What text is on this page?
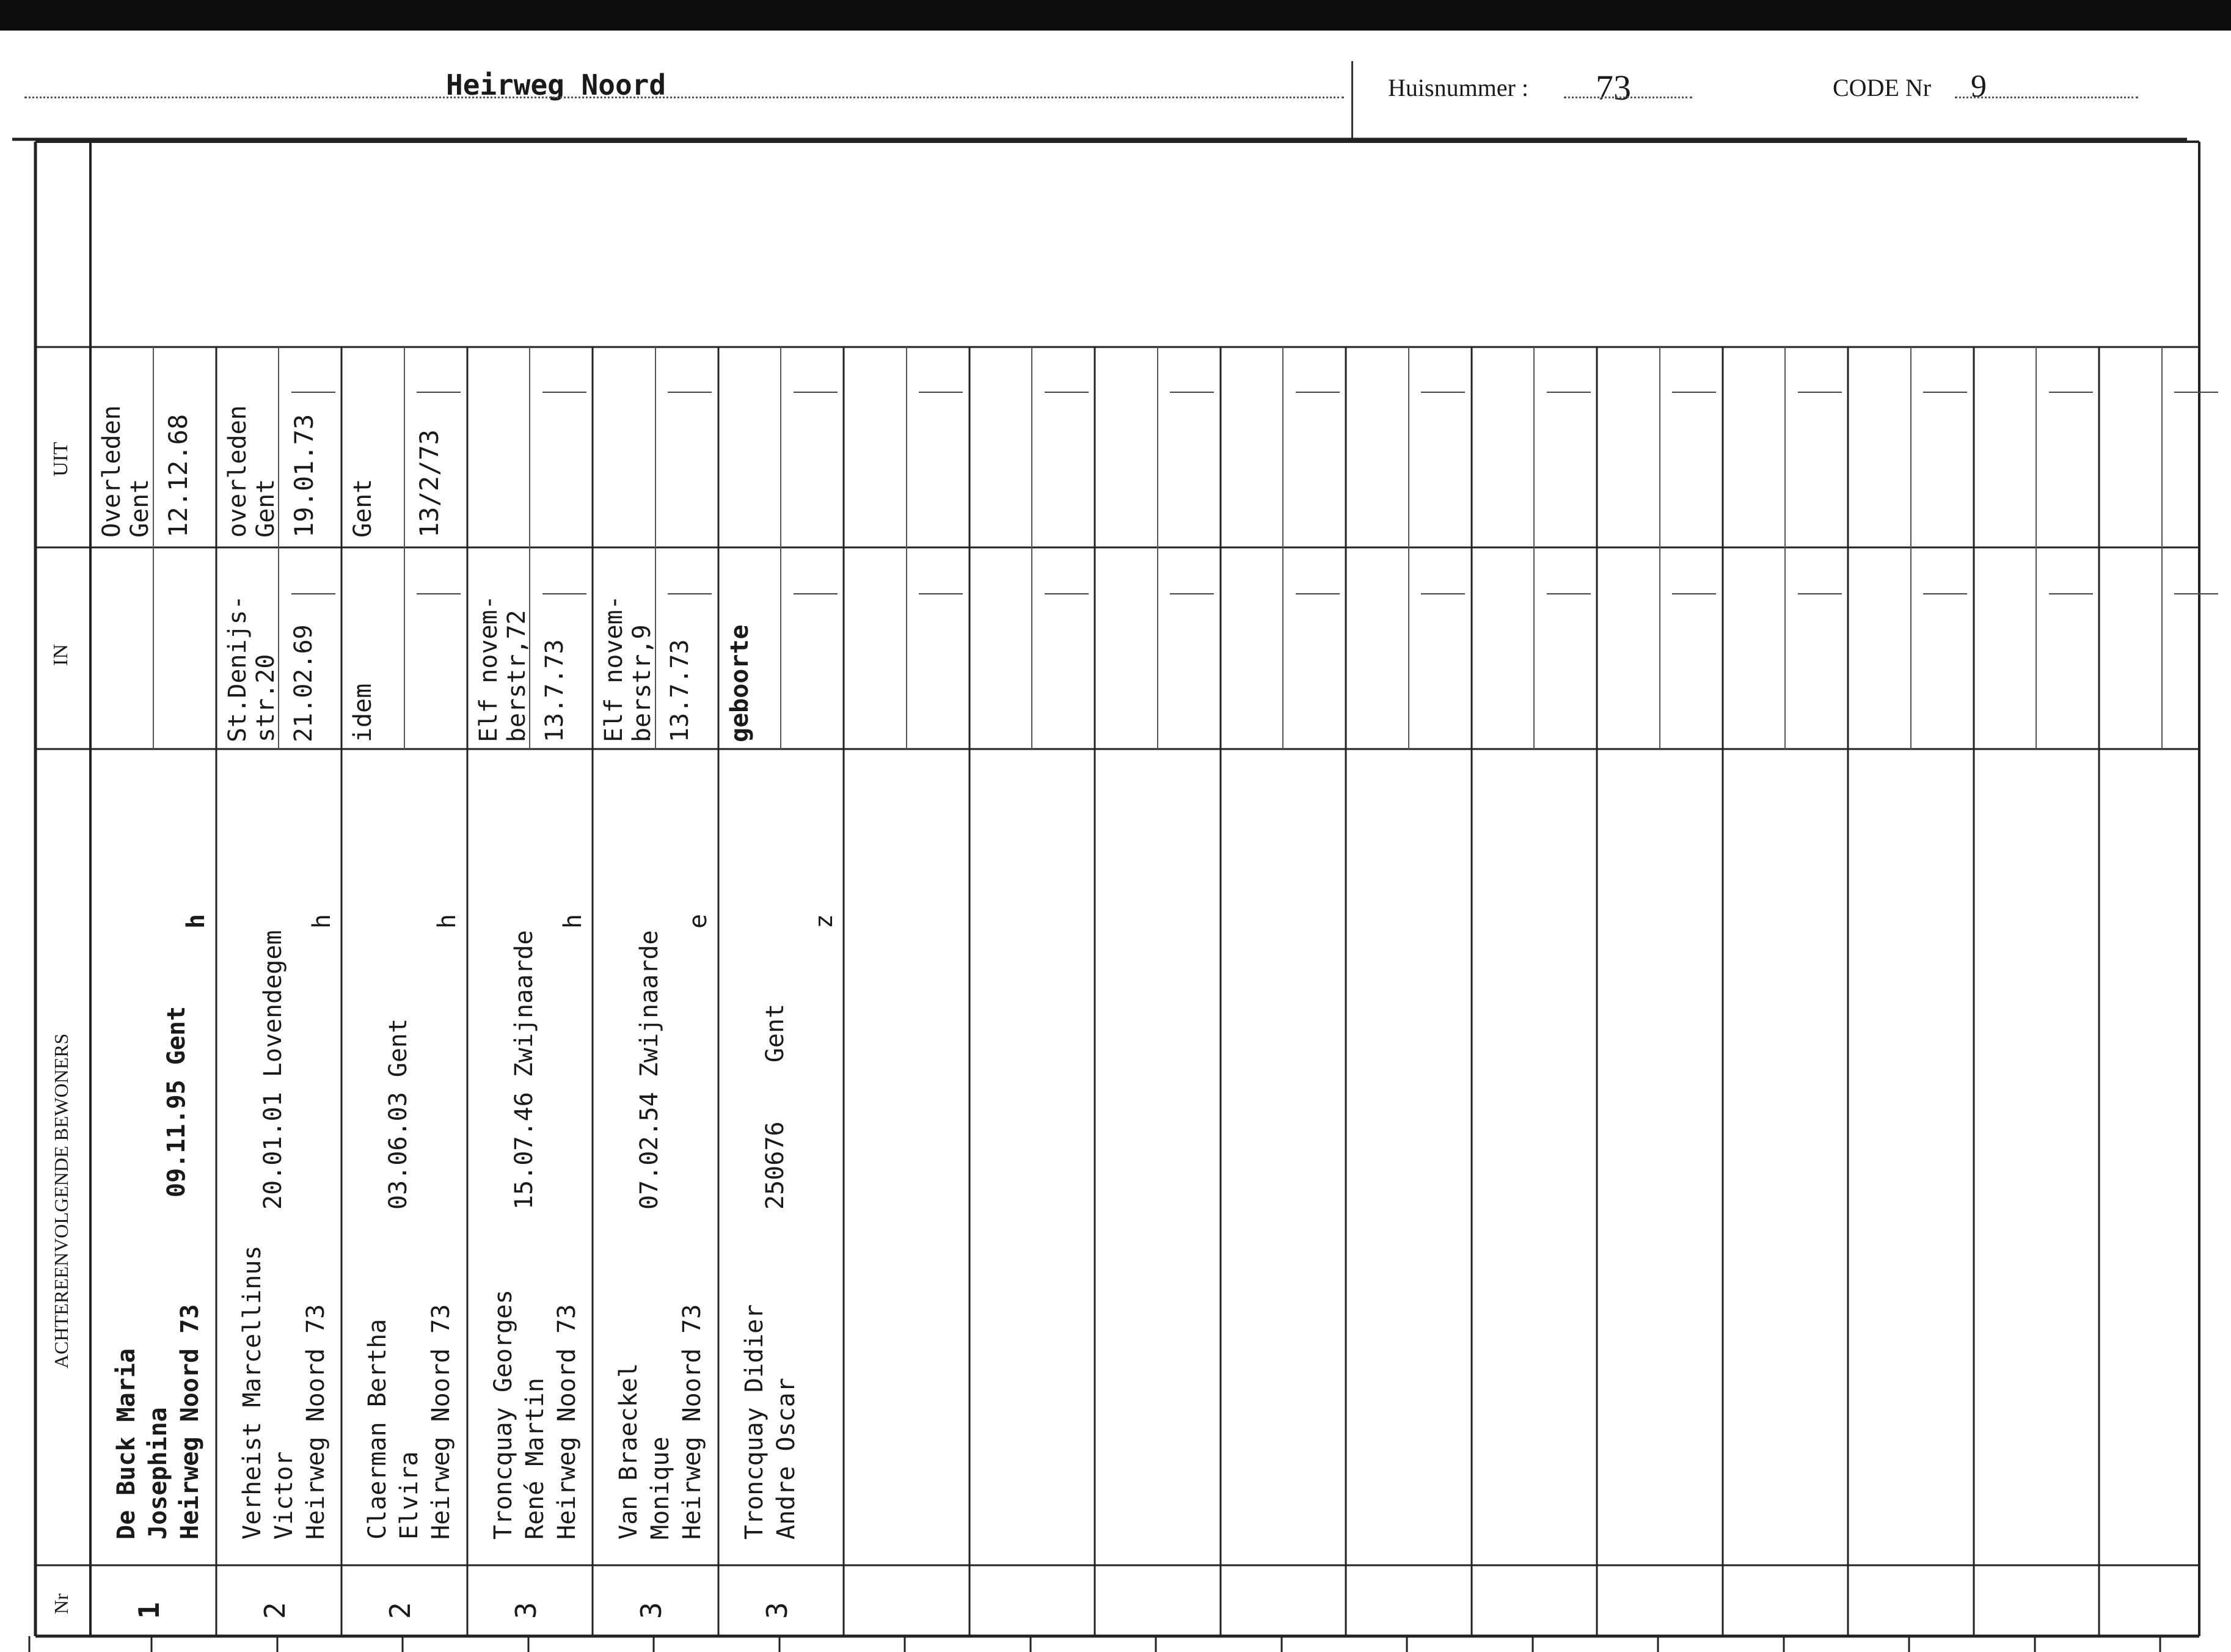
Heirweg Noord	Huisnummer : 73	CODE Nr 9
UIT
IN
ACHTEREENVOLGENDE BEWONERS
Nr 1
De Buck Maria Josephina Heirweg Noord 73
09.11.95 Gent
h
Overleden
Gent 12.12.68
2
Verheist Marcellinus Victor Heirweg Noord 73
20.01.01 Lovendegem
h
St.Denijs-
str.20 21.02.69
overleden
Gent 19.01.73
2
Claerman Bertha Elvira Heirweg Noord 73
03.06.03 Gent
h
idem
Gent 13/2/73
3
Troncquay Georges René Martin Heirweg Noord 73
15.07.46 Zwijnaarde
h
Elf novem-
berstr,72 13.7.73
3
Van Braeckel Monique Heirweg Noord 73
07.02.54 Zwijnaarde
e
Elf novem-
berstr,9 13.7.73
3
Troncquay Didier Andre Oscar
250676    Gent
z
geboorte
